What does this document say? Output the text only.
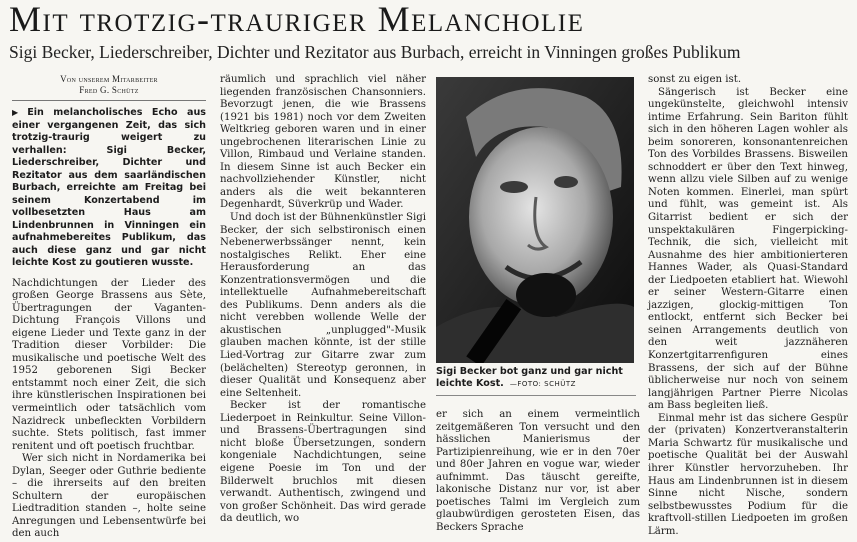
Mit trotzig-trauriger Melancholie
Sigi Becker, Liederschreiber, Dichter und Rezitator aus Burbach, erreicht in Vinningen großes Publikum
Von unserem Mitarbeiter
Fred G. Schütz
▶ Ein melancholisches Echo aus einer vergangenen Zeit, das sich trotzig-traurig weigert zu verhallen: Sigi Becker, Liederschreiber, Dichter und Rezitator aus dem saarländischen Burbach, erreichte am Freitag bei seinem Konzertabend im vollbesetzten Haus am Lindenbrunnen in Vinningen ein aufnahmebereites Publikum, das auch diese ganz und gar nicht leichte Kost zu goutieren wusste.

Nachdichtungen der Lieder des großen George Brassens aus Sète, Übertragungen der Vaganten-Dichtung François Villons und eigene Lieder und Texte ganz in der Tradition dieser Vorbilder: Die musikalische und poetische Welt des 1952 geborenen Sigi Becker entstammt noch einer Zeit, die sich ihre künstlerischen Inspirationen bei vermeintlich oder tatsächlich vom Nazidreck unbefleckten Vorbildern suchte. Stets politisch, fast immer renitent und oft poetisch fruchtbar.

Wer sich nicht in Nordamerika bei Dylan, Seeger oder Guthrie bediente – die ihrerseits auf den breiten Schultern der europäischen Liedtradition standen –, holte seine Anregungen und Lebensentwürfe bei den auch

räumlich und sprachlich viel näher liegenden französischen Chansonniers. Bevorzugt jenen, die wie Brassens (1921 bis 1981) noch vor dem Zweiten Weltkrieg geboren waren und in einer ungebrochenen literarischen Linie zu Villon, Rimbaud und Verlaine standen. In diesem Sinne ist auch Becker ein nachvollziehender Künstler, nicht anders als die weit bekannteren Degenhardt, Süverkrüp und Wader.

Und doch ist der Bühnenkünstler Sigi Becker, der sich selbstironisch einen Nebenerwerbssänger nennt, kein nostalgisches Relikt. Eher eine Herausforderung an das Konzentrationsvermögen und die intellektuelle Aufnahmebereitschaft des Publikums. Denn anders als die nicht verebben wollende Welle der akustischen „unplugged"-Musik glauben machen könnte, ist der stille Lied-Vortrag zur Gitarre zwar zum (belächelten) Stereotyp geronnen, in dieser Qualität und Konsequenz aber eine Seltenheit.

Becker ist der romantische Liederpoet in Reinkultur. Seine Villon- und Brassens-Übertragungen sind nicht bloße Übersetzungen, sondern kongeniale Nachdichtungen, seine eigene Poesie im Ton und der Bilderwelt bruchlos mit diesen verwandt. Authentisch, zwingend und von großer Schönheit. Das wird gerade da deutlich, wo

Sigi Becker bot ganz und gar nicht leichte Kost. —FOTO: SCHÜTZ

er sich an einem vermeintlich zeitgemäßeren Ton versucht und den hässlichen Manierismus der Partizipienreihung, wie er in den 70er und 80er Jahren en vogue war, wieder aufnimmt. Das täuscht gereifte, lakonische Distanz nur vor, ist aber poetisches Talmi im Vergleich zum glaubwürdigen gerosteten Eisen, das Beckers Sprache

sonst zu eigen ist.

Sängerisch ist Becker eine ungekünstelte, gleichwohl intensiv intime Erfahrung. Sein Bariton fühlt sich in den höheren Lagen wohler als beim sonoreren, konsonantenreichen Ton des Vorbildes Brassens. Bisweilen schnoddert er über den Text hinweg, wenn allzu viele Silben auf zu wenige Noten kommen. Einerlei, man spürt und fühlt, was gemeint ist. Als Gitarrist bedient er sich der unspektakulären Fingerpicking-Technik, die sich, vielleicht mit Ausnahme des hier ambitionierteren Hannes Wader, als Quasi-Standard der Liedpoeten etabliert hat. Wiewohl er seiner Western-Gitarre einen jazzigen, glockig-mittigen Ton entlockt, entfernt sich Becker bei seinen Arrangements deutlich von den weit jazznäheren Konzertgitarrenfiguren eines Brassens, der sich auf der Bühne üblicherweise nur noch von seinem langjährigen Partner Pierre Nicolas am Bass begleiten ließ.

Einmal mehr ist das sichere Gespür der (privaten) Konzertveranstalterin Maria Schwartz für musikalische und poetische Qualität bei der Auswahl ihrer Künstler hervorzuheben. Ihr Haus am Lindenbrunnen ist in diesem Sinne nicht Nische, sondern selbstbewusstes Podium für die kraftvoll-stillen Liedpoeten im großen Lärm.
